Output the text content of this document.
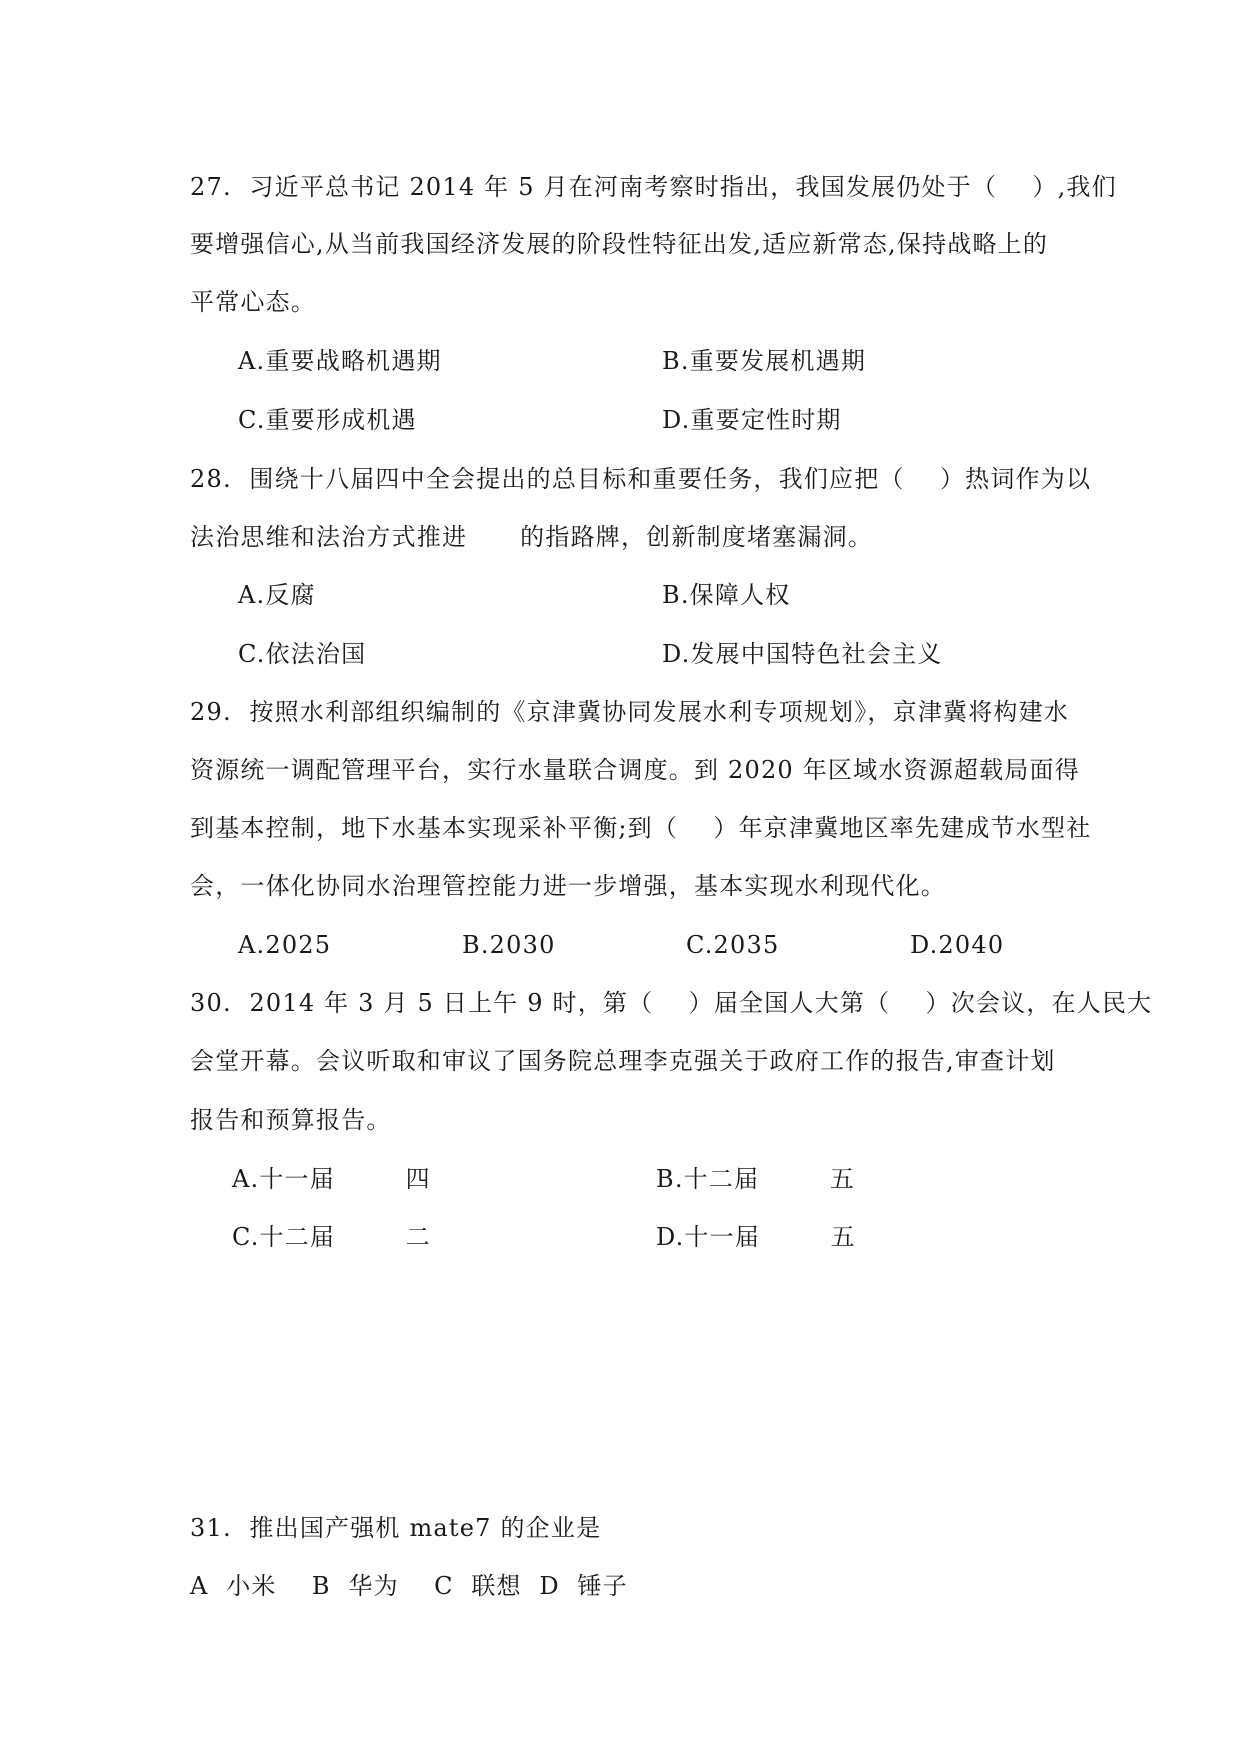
27.  习近平总书记 2014 年 5 月在河南考察时指出，我国发展仍处于（    ）,我们
要增强信心,从当前我国经济发展的阶段性特征出发,适应新常态,保持战略上的
平常心态。
A.重要战略机遇期	B.重要发展机遇期
C.重要形成机遇	D.重要定性时期
28.  围绕十八届四中全会提出的总目标和重要任务，我们应把（    ）热词作为以
法治思维和法治方式推进      的指路牌，创新制度堵塞漏洞。
A.反腐	B.保障人权
C.依法治国	D.发展中国特色社会主义
29.  按照水利部组织编制的《京津冀协同发展水利专项规划》，京津冀将构建水
资源统一调配管理平台，实行水量联合调度。到 2020 年区域水资源超载局面得
到基本控制，地下水基本实现采补平衡;到（    ）年京津冀地区率先建成节水型社
会，一体化协同水治理管控能力进一步增强，基本实现水利现代化。
A.2025	B.2030	C.2035	D.2040
30.  2014 年 3 月 5 日上午 9 时，第（    ）届全国人大第（    ）次会议，在人民大
会堂开幕。会议听取和审议了国务院总理李克强关于政府工作的报告,审查计划
报告和预算报告。
A.十一届        四	B.十二届        五
C.十二届        二	D.十一届        五
31.  推出国产强机 mate7 的企业是
A  小米    B  华为    C  联想  D  锤子
